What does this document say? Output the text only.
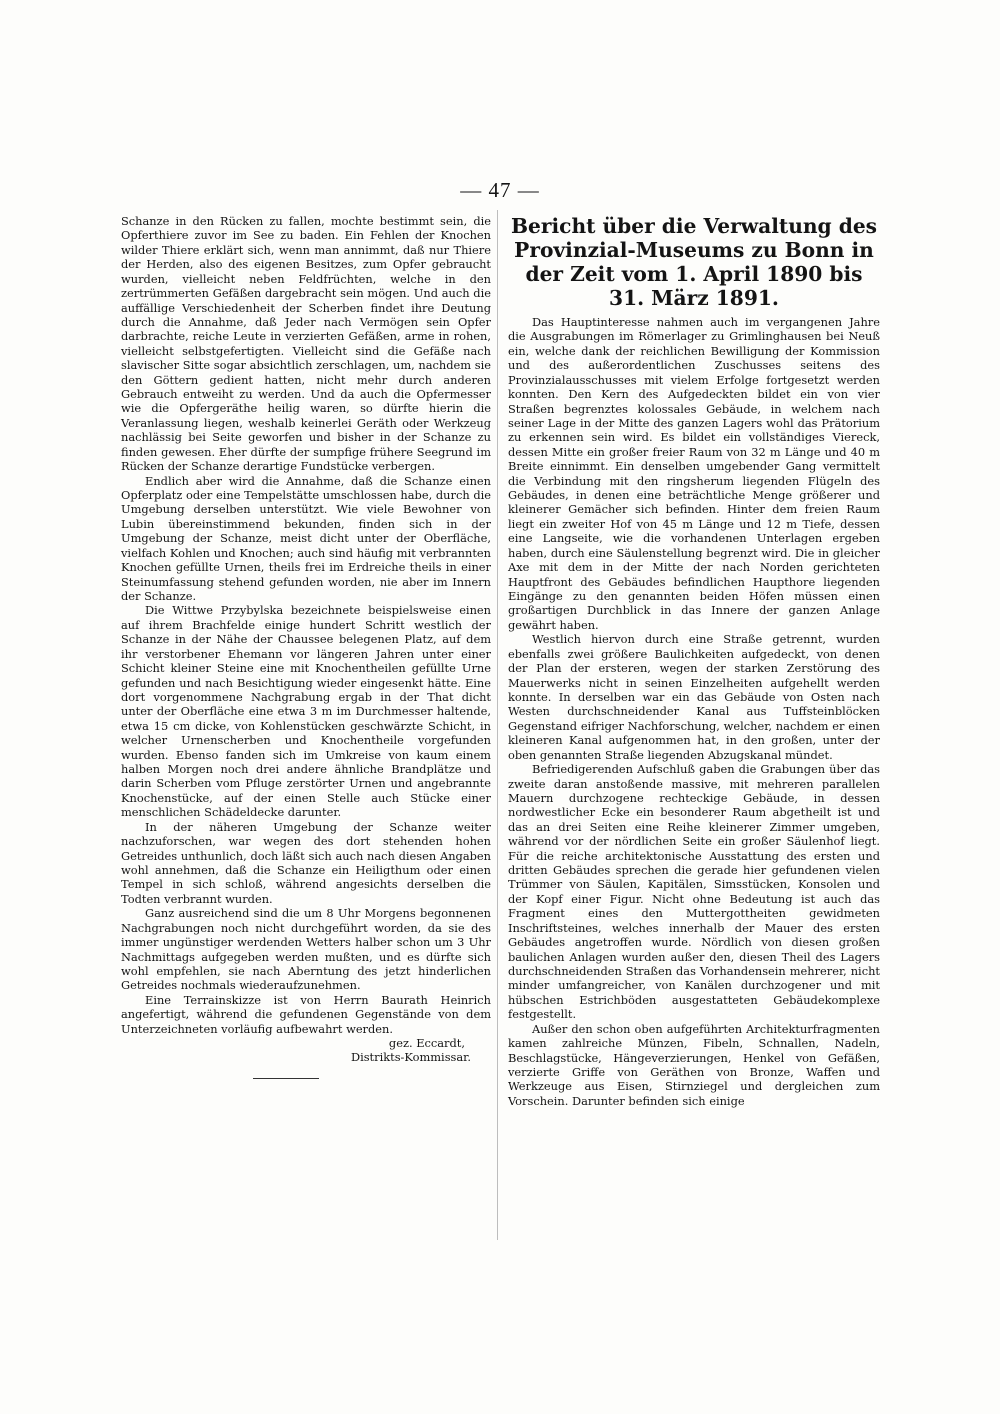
— 47 —

Schanze in den Rücken zu fallen, mochte bestimmt sein, die Opferthiere zuvor im See zu baden. Ein Fehlen der Knochen wilder Thiere erklärt sich, wenn man annimmt, daß nur Thiere der Herden, also des eigenen Besitzes, zum Opfer gebraucht wurden, vielleicht neben Feldfrüchten, welche in den zertrümmerten Gefäßen dargebracht sein mögen. Und auch die auffällige Verschiedenheit der Scherben findet ihre Deutung durch die Annahme, daß Jeder nach Vermögen sein Opfer darbrachte, reiche Leute in verzierten Gefäßen, arme in rohen, vielleicht selbstgefertigten. Vielleicht sind die Gefäße nach slavischer Sitte sogar absichtlich zerschlagen, um, nachdem sie den Göttern gedient hatten, nicht mehr durch anderen Gebrauch entweiht zu werden. Und da auch die Opfermesser wie die Opfergeräthe heilig waren, so dürfte hierin die Veranlassung liegen, weshalb keinerlei Geräth oder Werkzeug nachlässig bei Seite geworfen und bisher in der Schanze zu finden gewesen. Eher dürfte der sumpfige frühere Seegrund im Rücken der Schanze derartige Fundstücke verbergen.

Endlich aber wird die Annahme, daß die Schanze einen Opferplatz oder eine Tempelstätte umschlossen habe, durch die Umgebung derselben unterstützt. Wie viele Bewohner von Lubin übereinstimmend bekunden, finden sich in der Umgebung der Schanze, meist dicht unter der Oberfläche, vielfach Kohlen und Knochen; auch sind häufig mit verbrannten Knochen gefüllte Urnen, theils frei im Erdreiche theils in einer Steinumfassung stehend gefunden worden, nie aber im Innern der Schanze.

Die Wittwe Przybylska bezeichnete beispielsweise einen auf ihrem Brachfelde einige hundert Schritt westlich der Schanze in der Nähe der Chaussee belegenen Platz, auf dem ihr verstorbener Ehemann vor längeren Jahren unter einer Schicht kleiner Steine eine mit Knochentheilen gefüllte Urne gefunden und nach Besichtigung wieder eingesenkt hätte. Eine dort vorgenommene Nachgrabung ergab in der That dicht unter der Oberfläche eine etwa 3 m im Durchmesser haltende, etwa 15 cm dicke, von Kohlenstücken geschwärzte Schicht, in welcher Urnenscherben und Knochentheile vorgefunden wurden. Ebenso fanden sich im Umkreise von kaum einem halben Morgen noch drei andere ähnliche Brandplätze und darin Scherben vom Pfluge zerstörter Urnen und angebrannte Knochenstücke, auf der einen Stelle auch Stücke einer menschlichen Schädeldecke darunter.

In der näheren Umgebung der Schanze weiter nachzuforschen, war wegen des dort stehenden hohen Getreides unthunlich, doch läßt sich auch nach diesen Angaben wohl annehmen, daß die Schanze ein Heiligthum oder einen Tempel in sich schloß, während angesichts derselben die Todten verbrannt wurden.

Ganz ausreichend sind die um 8 Uhr Morgens begonnenen Nachgrabungen noch nicht durchgeführt worden, da sie des immer ungünstiger werdenden Wetters halber schon um 3 Uhr Nachmittags aufgegeben werden mußten, und es dürfte sich wohl empfehlen, sie nach Aberntung des jetzt hinderlichen Getreides nochmals wiederaufzunehmen.

Eine Terrainskizze ist von Herrn Baurath Heinrich angefertigt, während die gefundenen Gegenstände von dem Unterzeichneten vorläufig aufbewahrt werden.

gez. Eccardt,

Distrikts-Kommissar.

Bericht über die Verwaltung des Provinzial-Museums zu Bonn in der Zeit vom 1. April 1890 bis 31. März 1891.

Das Hauptinteresse nahmen auch im vergangenen Jahre die Ausgrabungen im Römerlager zu Grimlinghausen bei Neuß ein, welche dank der reichlichen Bewilligung der Kommission und des außerordentlichen Zuschusses seitens des Provinzialausschusses mit vielem Erfolge fortgesetzt werden konnten. Den Kern des Aufgedeckten bildet ein von vier Straßen begrenztes kolossales Gebäude, in welchem nach seiner Lage in der Mitte des ganzen Lagers wohl das Prätorium zu erkennen sein wird. Es bildet ein vollständiges Viereck, dessen Mitte ein großer freier Raum von 32 m Länge und 40 m Breite einnimmt. Ein denselben umgebender Gang vermittelt die Verbindung mit den ringsherum liegenden Flügeln des Gebäudes, in denen eine beträchtliche Menge größerer und kleinerer Gemächer sich befinden. Hinter dem freien Raum liegt ein zweiter Hof von 45 m Länge und 12 m Tiefe, dessen eine Langseite, wie die vorhandenen Unterlagen ergeben haben, durch eine Säulenstellung begrenzt wird. Die in gleicher Axe mit dem in der Mitte der nach Norden gerichteten Hauptfront des Gebäudes befindlichen Haupthore liegenden Eingänge zu den genannten beiden Höfen müssen einen großartigen Durchblick in das Innere der ganzen Anlage gewährt haben.

Westlich hiervon durch eine Straße getrennt, wurden ebenfalls zwei größere Baulichkeiten aufgedeckt, von denen der Plan der ersteren, wegen der starken Zerstörung des Mauerwerks nicht in seinen Einzelheiten aufgehellt werden konnte. In derselben war ein das Gebäude von Osten nach Westen durchschneidender Kanal aus Tuffsteinblöcken Gegenstand eifriger Nachforschung, welcher, nachdem er einen kleineren Kanal aufgenommen hat, in den großen, unter der oben genannten Straße liegenden Abzugskanal mündet.

Befriedigerenden Aufschluß gaben die Grabungen über das zweite daran anstoßende massive, mit mehreren parallelen Mauern durchzogene rechteckige Gebäude, in dessen nordwestlicher Ecke ein besonderer Raum abgetheilt ist und das an drei Seiten eine Reihe kleinerer Zimmer umgeben, während vor der nördlichen Seite ein großer Säulenhof liegt. Für die reiche architektonische Ausstattung des ersten und dritten Gebäudes sprechen die gerade hier gefundenen vielen Trümmer von Säulen, Kapitälen, Simsstücken, Konsolen und der Kopf einer Figur. Nicht ohne Bedeutung ist auch das Fragment eines den Muttergottheiten gewidmeten Inschriftsteines, welches innerhalb der Mauer des ersten Gebäudes angetroffen wurde. Nördlich von diesen großen baulichen Anlagen wurden außer den, diesen Theil des Lagers durchschneidenden Straßen das Vorhandensein mehrerer, nicht minder umfangreicher, von Kanälen durchzogener und mit hübschen Estrichböden ausgestatteten Gebäudekomplexe festgestellt.

Außer den schon oben aufgeführten Architekturfragmenten kamen zahlreiche Münzen, Fibeln, Schnallen, Nadeln, Beschlagstücke, Hängeverzierungen, Henkel von Gefäßen, verzierte Griffe von Geräthen von Bronze, Waffen und Werkzeuge aus Eisen, Stirnziegel und dergleichen zum Vorschein. Darunter befinden sich einige
